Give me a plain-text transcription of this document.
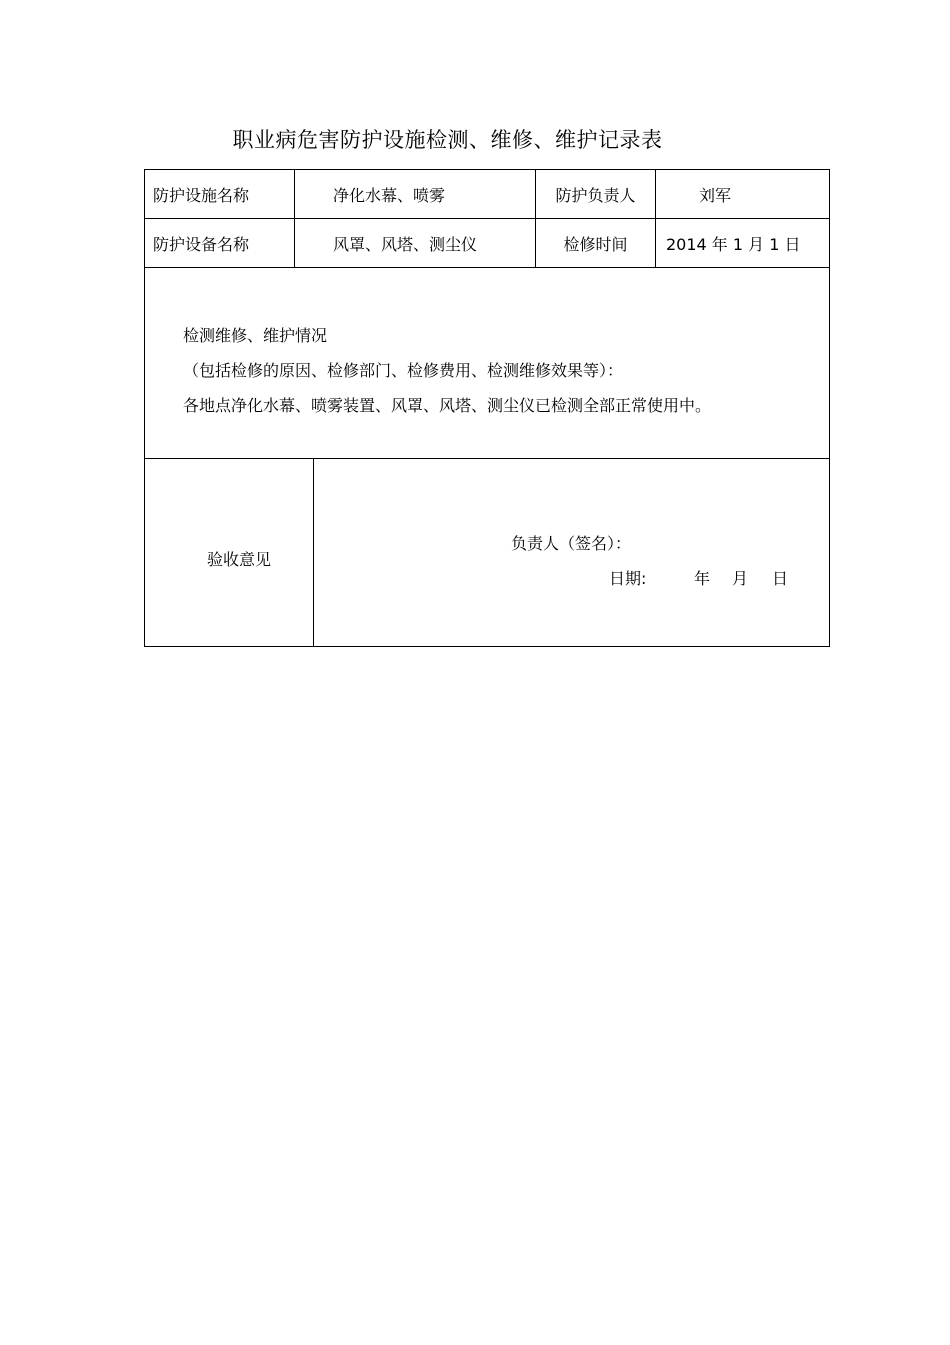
职业病危害防护设施检测、维修、维护记录表
防护设施名称	净化水幕、喷雾	防护负责人	刘军
防护设备名称	风罩、风塔、测尘仪	检修时间	2014 年 1 月 1 日
检测维修、维护情况
（包括检修的原因、检修部门、检修费用、检测维修效果等）：
各地点净化水幕、喷雾装置、风罩、风塔、测尘仪已检测全部正常使用中。
验收意见
负责人（签名）：
日期:	年 月 日
